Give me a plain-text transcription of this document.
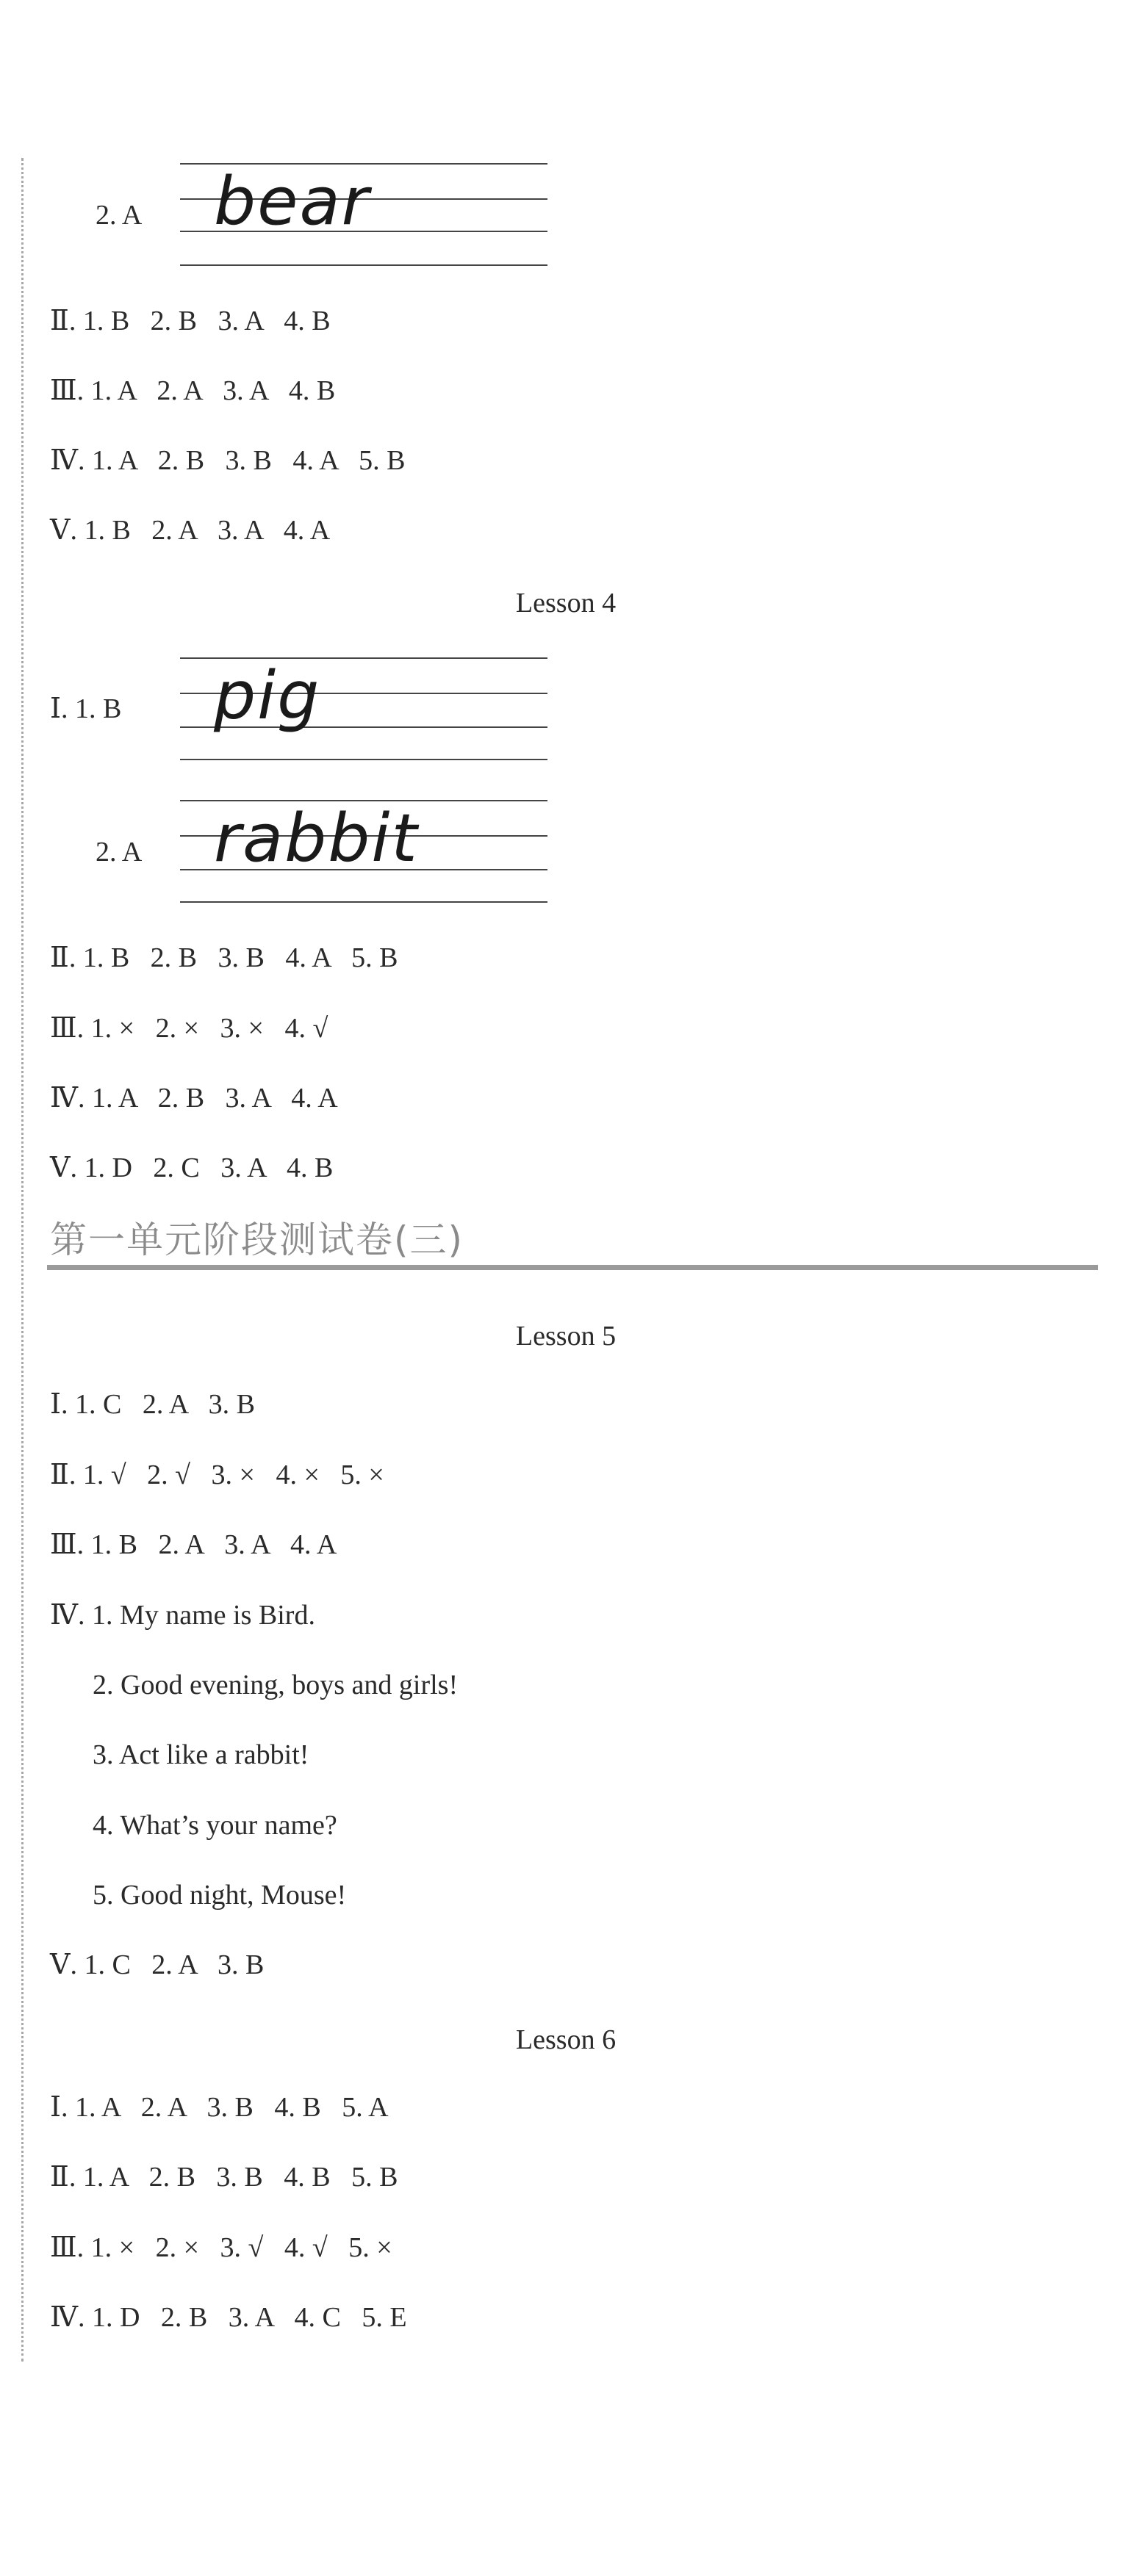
2. A bear
Ⅱ. 1. B   2. B   3. A   4. B
Ⅲ. 1. A   2. A   3. A   4. B
Ⅳ. 1. A   2. B   3. B   4. A   5. B
Ⅴ. 1. B   2. A   3. A   4. A
Lesson 4
Ⅰ. 1. B pig
2. A rabbit
Ⅱ. 1. B   2. B   3. B   4. A   5. B
Ⅲ. 1. ×   2. ×   3. ×   4. √
Ⅳ. 1. A   2. B   3. A   4. A
Ⅴ. 1. D   2. C   3. A   4. B
第一单元阶段测试卷(三)
Lesson 5
Ⅰ. 1. C   2. A   3. B
Ⅱ. 1. √   2. √   3. ×   4. ×   5. ×
Ⅲ. 1. B   2. A   3. A   4. A
Ⅳ. 1. My name is Bird.
2. Good evening, boys and girls!
3. Act like a rabbit!
4. What’s your name?
5. Good night, Mouse!
Ⅴ. 1. C   2. A   3. B
Lesson 6
Ⅰ. 1. A   2. A   3. B   4. B   5. A
Ⅱ. 1. A   2. B   3. B   4. B   5. B
Ⅲ. 1. ×   2. ×   3. √   4. √   5. ×
Ⅳ. 1. D   2. B   3. A   4. C   5. E
